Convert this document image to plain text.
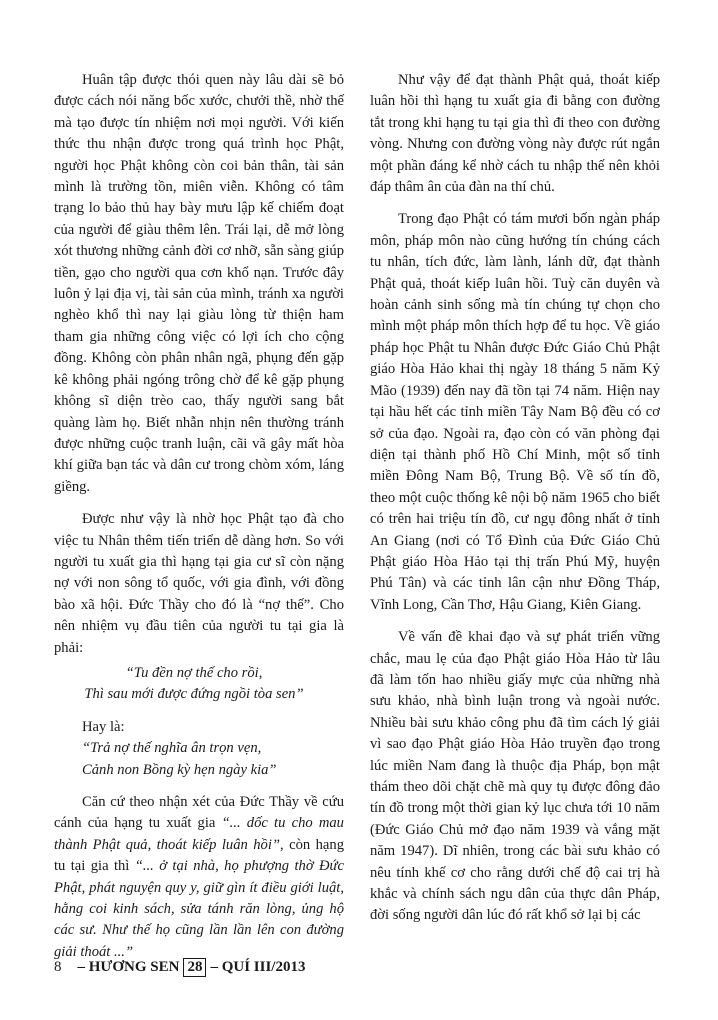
Huân tập được thói quen này lâu dài sẽ bỏ được cách nói năng bốc xước, chưởi thề, nhờ thế mà tạo được tín nhiệm nơi mọi người. Với kiến thức thu nhận được trong quá trình học Phật, người học Phật không còn coi bản thân, tài sản mình là trường tồn, miên viễn. Không có tâm trạng lo bảo thủ hay bày mưu lập kế chiếm đoạt của người để giàu thêm lên. Trái lại, dễ mở lòng xót thương những cảnh đời cơ nhỡ, sẵn sàng giúp tiền, gạo cho người qua cơn khổ nạn. Trước đây luôn ỷ lại địa vị, tài sản của mình, tránh xa người nghèo khổ thì nay lại giàu lòng từ thiện ham tham gia những công việc có lợi ích cho cộng đồng. Không còn phân nhân ngã, phụng đến gặp kê không phải ngóng trông chờ để kê gặp phụng không sĩ diện trèo cao, thấy người sang bắt quàng làm họ. Biết nhẫn nhịn nên thường tránh được những cuộc tranh luận, cãi vã gây mất hòa khí giữa bạn tác và dân cư trong chòm xóm, láng giềng.

Được như vậy là nhờ học Phật tạo đà cho việc tu Nhân thêm tiến triển dễ dàng hơn. So với người tu xuất gia thì hạng tại gia cư sĩ còn nặng nợ với non sông tổ quốc, với gia đình, với đồng bào xã hội. Đức Thầy cho đó là “nợ thế”. Cho nên nhiệm vụ đầu tiên của người tu tại gia là phải:

“Tu đền nợ thế cho rồi,
Thì sau mới được đứng ngồi tòa sen”
Hay là:
“Trả nợ thế nghĩa ân trọn vẹn,
Cảnh non Bồng kỳ hẹn ngày kia”

Căn cứ theo nhận xét của Đức Thầy về cứu cánh của hạng tu xuất gia “... dốc tu cho mau thành Phật quả, thoát kiếp luân hồi”, còn hạng tu tại gia thì “... ở tại nhà, họ phượng thờ Đức Phật, phát nguyện quy y, giữ gìn ít điều giới luật, hằng coi kinh sách, sửa tánh răn lòng, ủng hộ các sư. Như thế họ cũng lần lần lên con đường giải thoát ...”

Như vậy để đạt thành Phật quả, thoát kiếp luân hồi thì hạng tu xuất gia đi bằng con đường tắt trong khi hạng tu tại gia thì đi theo con đường vòng. Nhưng con đường vòng này được rút ngắn một phần đáng kể nhờ cách tu nhập thế nên khỏi đáp thâm ân của đàn na thí chủ.

Trong đạo Phật có tám mươi bốn ngàn pháp môn, pháp môn nào cũng hướng tín chúng cách tu nhân, tích đức, làm lành, lánh dữ, đạt thành Phật quả, thoát kiếp luân hồi. Tuỳ căn duyên và hoàn cảnh sinh sống mà tín chúng tự chọn cho mình một pháp môn thích hợp để tu học. Về giáo pháp học Phật tu Nhân được Đức Giáo Chủ Phật giáo Hòa Hảo khai thị ngày 18 tháng 5 năm Kỷ Mão (1939) đến nay đã tồn tại 74 năm. Hiện nay tại hầu hết các tỉnh miền Tây Nam Bộ đều có cơ sở của đạo. Ngoài ra, đạo còn có văn phòng đại diện tại thành phố Hồ Chí Minh, một số tỉnh miền Đông Nam Bộ, Trung Bộ. Về số tín đồ, theo một cuộc thống kê nội bộ năm 1965 cho biết có trên hai triệu tín đồ, cư ngụ đông nhất ở tỉnh An Giang (nơi có Tổ Đình của Đức Giáo Chủ Phật giáo Hòa Hảo tại thị trấn Phú Mỹ, huyện Phú Tân) và các tỉnh lân cận như Đồng Tháp, Vĩnh Long, Cần Thơ, Hậu Giang, Kiên Giang.

Về vấn đề khai đạo và sự phát triển vững chắc, mau lẹ của đạo Phật giáo Hòa Hảo từ lâu đã làm tốn hao nhiều giấy mực của những nhà sưu khảo, nhà bình luận trong và ngoài nước. Nhiều bài sưu khảo công phu đã tìm cách lý giải vì sao đạo Phật giáo Hòa Hảo truyền đạo trong lúc miền Nam đang là thuộc địa Pháp, bọn mật thám theo dõi chặt chẽ mà quy tụ được đông đảo tín đồ trong một thời gian kỷ lục chưa tới 10 năm (Đức Giáo Chủ mở đạo năm 1939 và vắng mặt năm 1947). Dĩ nhiên, trong các bài sưu khảo có nêu tính khế cơ cho rằng dưới chế độ cai trị hà khắc và chính sách ngu dân của thực dân Pháp, đời sống người dân lúc đó rất khổ sở lại bị các

8 – HƯƠNG SEN 28 – QUÍ III/2013
